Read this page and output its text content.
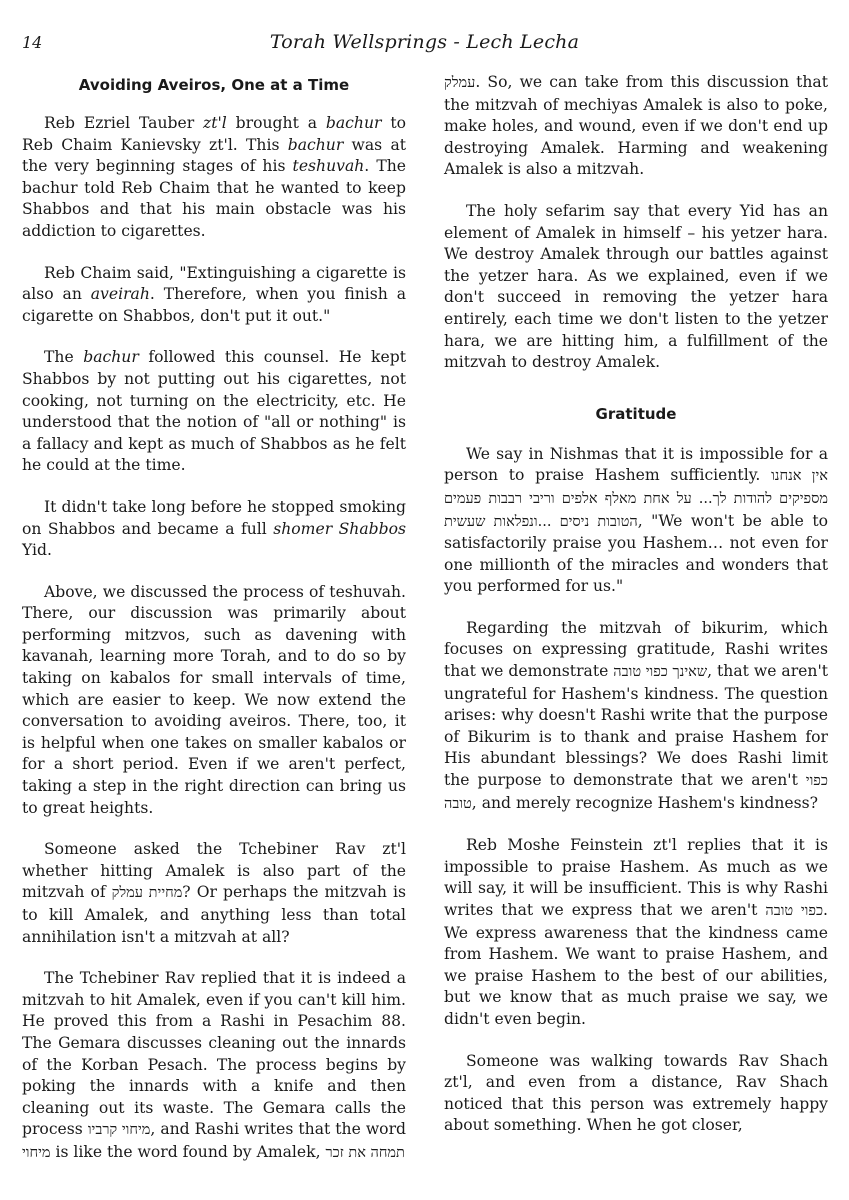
14	Torah Wellsprings - Lech Lecha
Avoiding Aveiros, One at a Time

Reb Ezriel Tauber zt'l brought a bachur to Reb Chaim Kanievsky zt'l. This bachur was at the very beginning stages of his teshuvah. The bachur told Reb Chaim that he wanted to keep Shabbos and that his main obstacle was his addiction to cigarettes.

Reb Chaim said, "Extinguishing a cigarette is also an aveirah. Therefore, when you finish a cigarette on Shabbos, don't put it out."

The bachur followed this counsel. He kept Shabbos by not putting out his cigarettes, not cooking, not turning on the electricity, etc. He understood that the notion of "all or nothing" is a fallacy and kept as much of Shabbos as he felt he could at the time.

It didn't take long before he stopped smoking on Shabbos and became a full shomer Shabbos Yid.

Above, we discussed the process of teshuvah. There, our discussion was primarily about performing mitzvos, such as davening with kavanah, learning more Torah, and to do so by taking on kabalos for small intervals of time, which are easier to keep. We now extend the conversation to avoiding aveiros. There, too, it is helpful when one takes on smaller kabalos or for a short period. Even if we aren't perfect, taking a step in the right direction can bring us to great heights.

Someone asked the Tchebiner Rav zt'l whether hitting Amalek is also part of the mitzvah of מחיית עמלק? Or perhaps the mitzvah is to kill Amalek, and anything less than total annihilation isn't a mitzvah at all?

The Tchebiner Rav replied that it is indeed a mitzvah to hit Amalek, even if you can't kill him. He proved this from a Rashi in Pesachim 88. The Gemara discusses cleaning out the innards of the Korban Pesach. The process begins by poking the innards with a knife and then cleaning out its waste. The Gemara calls the process מיחוי קרביו, and Rashi writes that the word מיחוי is like the word found by Amalek, תמחה את זכר

עמלק. So, we can take from this discussion that the mitzvah of mechiyas Amalek is also to poke, make holes, and wound, even if we don't end up destroying Amalek. Harming and weakening Amalek is also a mitzvah.

The holy sefarim say that every Yid has an element of Amalek in himself – his yetzer hara. We destroy Amalek through our battles against the yetzer hara. As we explained, even if we don't succeed in removing the yetzer hara entirely, each time we don't listen to the yetzer hara, we are hitting him, a fulfillment of the mitzvah to destroy Amalek.

Gratitude

We say in Nishmas that it is impossible for a person to praise Hashem sufficiently. אין אנחנו מספיקים להודות לך... על אחת מאלף אלפים וריבי רבבות פעמים הטובות ניסים ...ונפלאות שעשית, "We won't be able to satisfactorily praise you Hashem… not even for one millionth of the miracles and wonders that you performed for us."

Regarding the mitzvah of bikurim, which focuses on expressing gratitude, Rashi writes that we demonstrate שאינך כפוי טובה, that we aren't ungrateful for Hashem's kindness. The question arises: why doesn't Rashi write that the purpose of Bikurim is to thank and praise Hashem for His abundant blessings? We does Rashi limit the purpose to demonstrate that we aren't כפוי טובה, and merely recognize Hashem's kindness?

Reb Moshe Feinstein zt'l replies that it is impossible to praise Hashem. As much as we will say, it will be insufficient. This is why Rashi writes that we express that we aren't כפוי טובה. We express awareness that the kindness came from Hashem. We want to praise Hashem, and we praise Hashem to the best of our abilities, but we know that as much praise we say, we didn't even begin.

Someone was walking towards Rav Shach zt'l, and even from a distance, Rav Shach noticed that this person was extremely happy about something. When he got closer,
